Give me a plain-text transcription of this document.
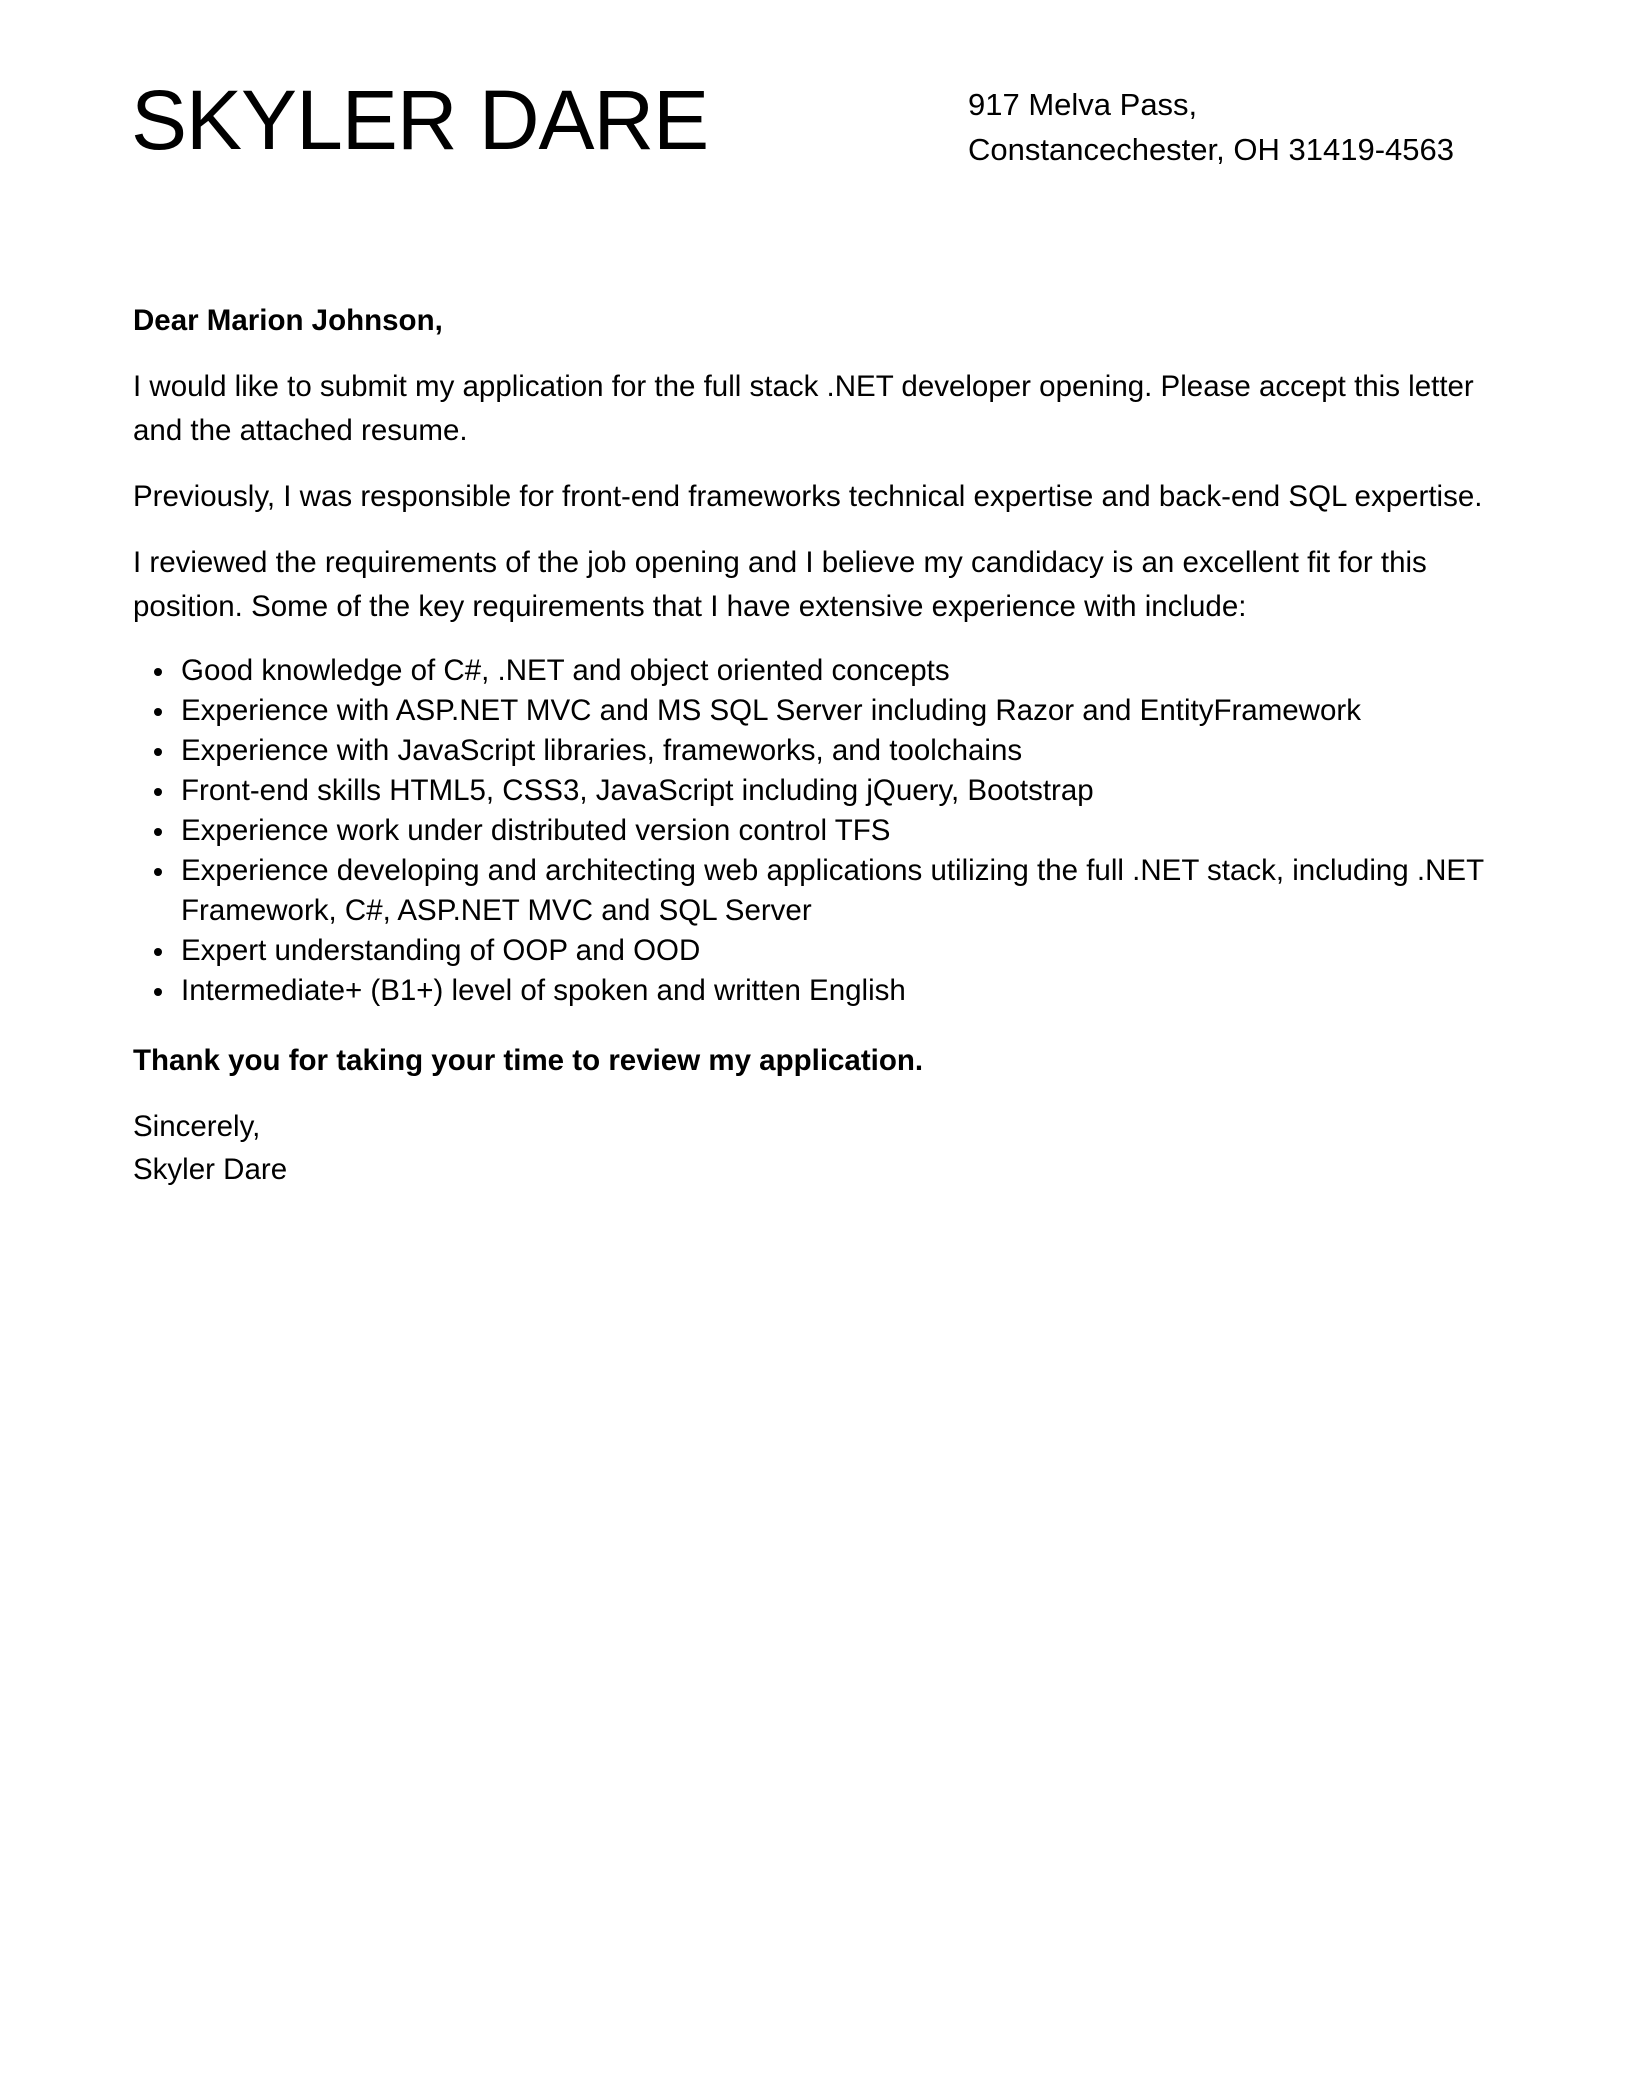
SKYLER DARE	917 Melva Pass,
Constancechester, OH 31419-4563

Dear Marion Johnson,

I would like to submit my application for the full stack .NET developer opening. Please accept this letter and the attached resume.

Previously, I was responsible for front-end frameworks technical expertise and back-end SQL expertise.

I reviewed the requirements of the job opening and I believe my candidacy is an excellent fit for this position. Some of the key requirements that I have extensive experience with include:

Good knowledge of C#, .NET and object oriented concepts
Experience with ASP.NET MVC and MS SQL Server including Razor and EntityFramework
Experience with JavaScript libraries, frameworks, and toolchains
Front-end skills HTML5, CSS3, JavaScript including jQuery, Bootstrap
Experience work under distributed version control TFS
Experience developing and architecting web applications utilizing the full .NET stack, including .NET Framework, C#, ASP.NET MVC and SQL Server
Expert understanding of OOP and OOD
Intermediate+ (B1+) level of spoken and written English

Thank you for taking your time to review my application.

Sincerely,
Skyler Dare
